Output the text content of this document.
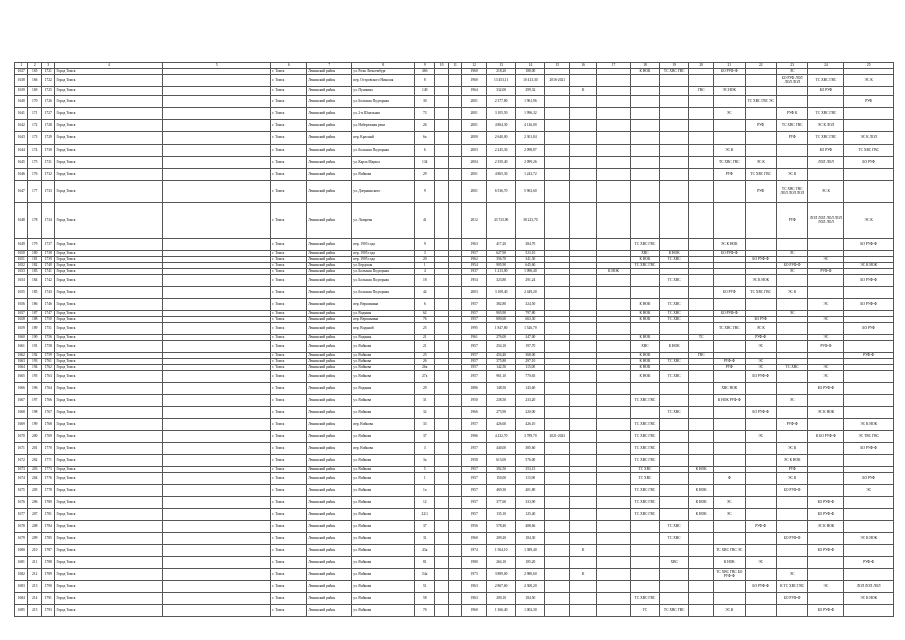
1	2	3	4	5	6	7	8	9	10	11	12	13	14	15	16	17	18	19	20	21	22	23	24	25
1637	165	1721	Город Томск		г. Томск	Ленинский район	ул. Розы Люксембург	46б			1960	218,20	188,00				К НОК	ТС ХВС ГВС		БО РУФ-Ф		ЭС		
1638	166	1722	Город Томск		г. Томск	Ленинский район	пер. Островского Николая	8			1960	13 453,11	10 413,30	2016-2021								БО РУФ ЛОЛ ЛОЛ ЛОЛ	ТС ХВС ГВС	ЭС К
1639	169	1725	Город Томск		г. Томск	Ленинский район	ул. Пушкина	149			1964	332,00	299,32		К				ГВС	ЭС НОК			БО РУФ	
1640	170	1726	Город Томск		г. Томск	Ленинский район	ул. Большая Подгорная	30			2001	2 377,80	1 961,96								ТС ХВС ГВС ЭС			РУФ
1641	171	1727	Город Томск		г. Томск	Ленинский район	ул. 2-я Шпальная	73			2001	3 105,50	1 996,32							ЭС		РУФ К	ТС ХВС ГВС	
1642	172	1728	Город Томск		г. Томск	Ленинский район	ул. Набережная реки	26			2001	4 864,30	4 126,00								РУФ	ТС ХВС ГВС	ЭС К ЛОЛ	
1643	173	1729	Город Томск		г. Томск	Ленинский район	пер. Красный	6а			2000	2 640,00	2 301,84									РУФ	ТС ХВС ГВС	ЭС К ЛОЛ
1644	174	1730	Город Томск		г. Томск	Ленинский район	ул. Большая Подгорная	6			2003	2 245,30	2 098,87							ЭС К			БО РУФ	ТС ХВС ГВС
1645	175	1731	Город Томск		г. Томск	Ленинский район	ул. Карла Маркса	134			2004	2 350,40	2 099,26							ТС ХВС ГВС	ЭС К		ЛОЛ ЛОЛ	БО РУФ
1646	176	1732	Город Томск		г. Томск	Ленинский район	ул. Войкова	29			2001	4 865,30	1 243,72							РУФ	ТС ХВС ГВС	ЭС К		
1647	177	1733	Город Томск		г. Томск	Ленинский район	ул. Дзержинского	9			2001	6 536,70	5 963,60								РУФ	ТС ХВС ГВС ЛОЛ ЛОЛ ЛОЛ	ЭС К	
1648	178	1734	Город Томск		г. Томск	Ленинский район	ул. Лазарева	41			2012	43 723,90	38 223,70									РУФ	ЛОЛ ЛОЛ ЛОЛ ЛОЛ ЛОЛ ЛОЛ	ЭС К
1649	179	1737	Город Томск		г. Томск	Ленинский район	пер. 1905 года	9			1963	417,20	384,70				ТС ХВС ГВС			ЭС К НОК				БО РУФ-Ф
1650	180	1738	Город Томск		г. Томск	Ленинский район	пер. 1905 года	3			1957	627,90	523,10				ХВС	К НОК		БО РУФ-Ф		ЭС		
1651	181	1739	Город Томск		г. Томск	Ленинский район	пер. 1905 года	20			1962	356,70	341,30				К НОК	ТС ХВС			БО РУФ-Ф		ЭС	
1652	182	1740	Город Томск		г. Томск	Ленинский район	ул. Бердская	1			1954	905,90	645,60				ТС ХВС ГВС					БО РУФ-Ф		ЭС К НОК
1653	183	1741	Город Томск		г. Томск	Ленинский район	ул. Большая Подгорная	4			1937	1 213,00	1 096,40			К НОК						ЭС	РУФ-Ф	
1654	184	1742	Город Томск		г. Томск	Ленинский район	ул. Большая Подгорная	18			1954	323,80	291,24					ТС ХВС			ЭС К НОК			БО РУФ-Ф
1655	185	1743	Город Томск		г. Томск	Ленинский район	ул. Большая Подгорная	42			2003	3 108,40	2 449,20							БО РУФ	ТС ХВС ГВС	ЭС К		
1656	186	1746	Город Томск		г. Томск	Ленинский район	пер. Вершинина	6			1957	382,80	324,50				К НОК	ТС ХВС					ЭС	БО РУФ-Ф
1657	187	1747	Город Томск		г. Томск	Ленинский район	ул. Водяная	62			1957	903,90	797,80				К НОК	ТС ХВС		БО РУФ-Ф		ЭС		
1658	188	1750	Город Томск		г. Томск	Ленинский район	пер. Вершинина	76			1957	800,60	663,30				К НОК	ТС ХВС			БО РУФ		ЭС	
1659	189	1751	Город Томск		г. Томск	Ленинский район	пер. Водяной	25			1995	1 847,80	1 526,70							ТС ХВС ГВС	ЭС К			БО РУФ
1660	190	1756	Город Томск		г. Томск	Ленинский район	ул. Водяная	21			1961	276,00	247,00				К НОК		ТС		РУФ-Ф		ЭС	
1661	191	1758	Город Томск		г. Томск	Ленинский район	ул. Войкова	21			1957	254,10	197,70				ХВС	К НОК			ЭС		РУФ-Ф	
1662	192	1759	Город Томск		г. Томск	Ленинский район	ул. Войкова	25			1957	454,40	368,00				К НОК		ГВС					РУФ-Ф
1663	193	1761	Город Томск		г. Томск	Ленинский район	ул. Войкова	26			1957	375,80	297,10				К НОК	ТС ХВС		РУФ-Ф	ЭС			
1664	194	1762	Город Томск		г. Томск	Ленинский район	ул. Войкова	26а			1957	142,50	115,00				К НОК			РУФ	ЭС	ТС ХВС	ЭС	
1665	195	1763	Город Томск		г. Томск	Ленинский район	ул. Войкова	27а			1957	961,10	770,65				К НОК	ТС ХВС			БО РУФ-Ф		ЭС	
1666	196	1764	Город Томск		г. Томск	Ленинский район	ул. Водяная	29			1886	148,50	143,60							ХВС НОК			БО РУФ-Ф	
1667	197	1766	Город Томск		г. Томск	Ленинский район	ул. Войкова	31			1950	238,50	233,20				ТС ХВС ГВС			К НОК РУФ-Ф		ЭС		
1668	198	1767	Город Томск		г. Томск	Ленинский район	ул. Войкова	32			1966	273,90	220,00					ТС ХВС			БО РУФ-Ф		ЭС К НОК	
1669	199	1768	Город Томск		г. Томск	Ленинский район	пер. Войкова	33			1957	426,60	426,10				ТС ХВС ГВС					РУФ-Ф		ЭС К НОК
1670	200	1769	Город Томск		г. Томск	Ленинский район	ул. Войкова	37			1986	4 232,70	3 789,70	2021-2023			ТС ХВС ГВС				ЭС		К БО РУФ-Ф	ЭС ТВС ГВС
1671	201	1770	Город Томск		г. Томск	Ленинский район	пер. Войкова	3			1957	440,00	385,60				ТС ХВС ГВС					ЭС К		БО РУФ-Ф
1672	202	1771	Город Томск		г. Томск	Ленинский район	ул. Войкова	3а			1958	613,00	576,00				ТС ХВС ГВС					ЭС К НОК		
1673	203	1773	Город Томск		г. Томск	Ленинский район	ул. Войкова	5			1957	392,50	353,15				ТС ХВС		К НОК			РУФ		
1674	204	1776	Город Томск		г. Томск	Ленинский район	ул. Войкова	1			1957	150,00	115,90				ТС ХВС			Ф		ЭС К		БО РУФ
1675	205	1778	Город Томск		г. Томск	Ленинский район	ул. Войкова	1а			1957	469,30	401,80				ТС ХВС ГВС		К НОК			БО РУФ-Ф		ЭС
1676	206	1780	Город Томск		г. Томск	Ленинский район	ул. Войкова	12			1957	377,60	333,90				ТС ХВС ГВС		К НОК	ЭС			БО РУФ-Ф	
1677	207	1781	Город Томск		г. Томск	Ленинский район	ул. Войкова	22/1			1957	135,10	125,40				ТС ХВС ГВС		К НОК	ЭС			БО РУФ-Ф	
1678	208	1784	Город Томск		г. Томск	Ленинский район	ул. Войкова	37			1956	578,40	488,66					ТС ХВС			РУФ-Ф		ЭС К НОК	
1679	209	1785	Город Томск		г. Томск	Ленинский район	ул. Войкова	31			1960	209,20	184,30					ТС ХВС				БО РУФ-Ф		ЭС К НОК
1680	210	1787	Город Томск		г. Томск	Ленинский район	ул. Войкова	43а			1974	1 564,10	1 389,40		К					ТС ХВС ГВС ЭС			БО РУФ-Ф	
1681	211	1788	Город Томск		г. Томск	Ленинский район	ул. Войкова	81			1980	264,10	185,20					ХВС		К НОК	ЭС			РУФ-Ф
1682	212	1789	Город Томск		г. Томск	Ленинский район	ул. Войкова	54а			1973	3 889,00	2 980,60		К					ТС ХВС ГВС БО РУФ-Ф		ЭС		
1683	213	1790	Город Томск		г. Томск	Ленинский район	ул. Войкова	51			1963	2 867,60	2 300,20								БО РУФ-Ф	К ТС ХВС ГВС	ЭС	ЛОЛ ЛОЛ ЛОЛ
1684	214	1791	Город Томск		г. Томск	Ленинский район	ул. Войкова	58			1963	200,10	184,50				ТС ХВС ГВС					БО РУФ-Ф		ЭС К НОК
1685	215	1793	Город Томск		г. Томск	Ленинский район	ул. Войкова	70			1960	1 366,40	1 002,30				ГС	ТС ХВС ГВС		ЭС К			БО РУФ-Ф	
